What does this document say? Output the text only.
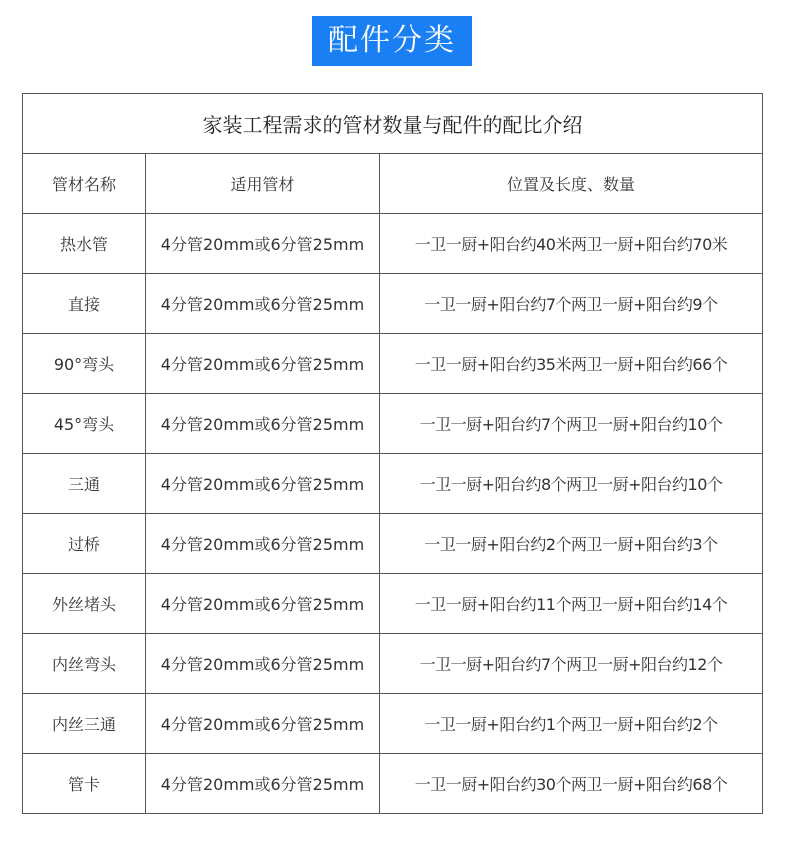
配件分类
家装工程需求的管材数量与配件的配比介绍		
管材名称	适用管材	位置及长度、数量
热水管	4分管20mm或6分管25mm	一卫一厨+阳台约40米两卫一厨+阳台约70米
直接	4分管20mm或6分管25mm	一卫一厨+阳台约7个两卫一厨+阳台约9个
90°弯头	4分管20mm或6分管25mm	一卫一厨+阳台约35米两卫一厨+阳台约66个
45°弯头	4分管20mm或6分管25mm	一卫一厨+阳台约7个两卫一厨+阳台约10个
三通	4分管20mm或6分管25mm	一卫一厨+阳台约8个两卫一厨+阳台约10个
过桥	4分管20mm或6分管25mm	一卫一厨+阳台约2个两卫一厨+阳台约3个
外丝堵头	4分管20mm或6分管25mm	一卫一厨+阳台约11个两卫一厨+阳台约14个
内丝弯头	4分管20mm或6分管25mm	一卫一厨+阳台约7个两卫一厨+阳台约12个
内丝三通	4分管20mm或6分管25mm	一卫一厨+阳台约1个两卫一厨+阳台约2个
管卡	4分管20mm或6分管25mm	一卫一厨+阳台约30个两卫一厨+阳台约68个
